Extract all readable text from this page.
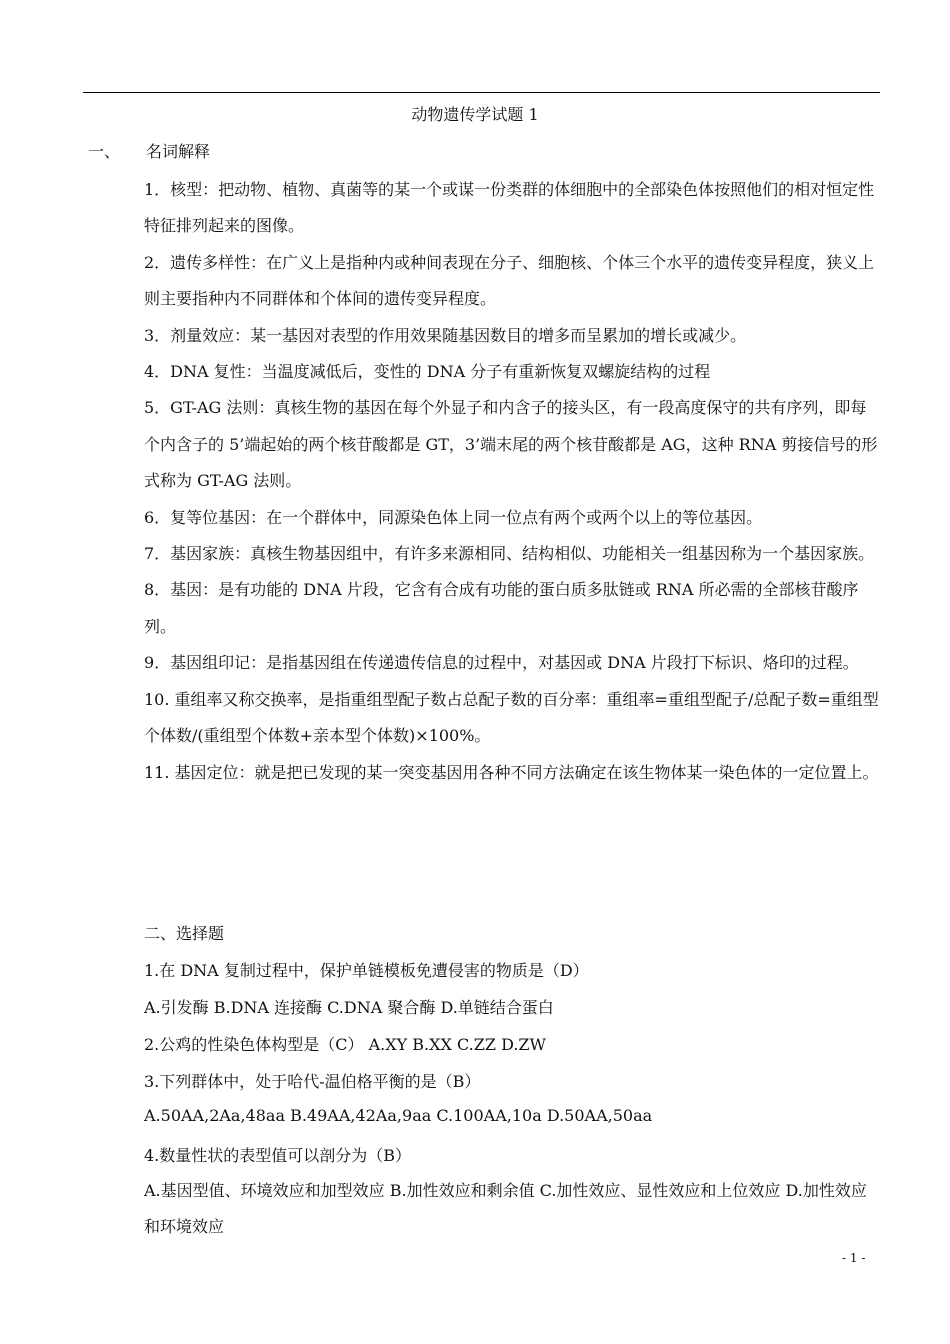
动物遗传学试题 1
一、 名词解释

1．核型：把动物、植物、真菌等的某一个或谋一份类群的体细胞中的全部染色体按照他们的相对恒定性特征排列起来的图像。

2．遗传多样性：在广义上是指种内或种间表现在分子、细胞核、个体三个水平的遗传变异程度，狭义上则主要指种内不同群体和个体间的遗传变异程度。

3．剂量效应：某一基因对表型的作用效果随基因数目的增多而呈累加的增长或减少。

4．DNA 复性：当温度减低后，变性的 DNA 分子有重新恢复双螺旋结构的过程

5．GT-AG 法则：真核生物的基因在每个外显子和内含子的接头区，有一段高度保守的共有序列，即每个内含子的 5’端起始的两个核苷酸都是 GT，3’端末尾的两个核苷酸都是 AG，这种 RNA 剪接信号的形式称为 GT-AG 法则。

6．复等位基因：在一个群体中，同源染色体上同一位点有两个或两个以上的等位基因。

7．基因家族：真核生物基因组中，有许多来源相同、结构相似、功能相关一组基因称为一个基因家族。

8．基因：是有功能的 DNA 片段，它含有合成有功能的蛋白质多肽链或 RNA 所必需的全部核苷酸序列。

9．基因组印记：是指基因组在传递遗传信息的过程中，对基因或 DNA 片段打下标识、烙印的过程。

10. 重组率又称交换率，是指重组型配子数占总配子数的百分率：重组率=重组型配子/总配子数=重组型个体数/(重组型个体数+亲本型个体数)×100%。

11. 基因定位：就是把已发现的某一突变基因用各种不同方法确定在该生物体某一染色体的一定位置上。

二、选择题
1.在 DNA 复制过程中，保护单链模板免遭侵害的物质是（D）
A.引发酶 B.DNA 连接酶 C.DNA 聚合酶 D.单链结合蛋白
2.公鸡的性染色体构型是（C） A.XY B.XX C.ZZ D.ZW
3.下列群体中，处于哈代-温伯格平衡的是（B）
A.50AA,2Aa,48aa B.49AA,42Aa,9aa C.100AA,10a D.50AA,50aa
4.数量性状的表型值可以剖分为（B）
A.基因型值、环境效应和加型效应 B.加性效应和剩余值 C.加性效应、显性效应和上位效应 D.加性效应和环境效应
- 1 -
